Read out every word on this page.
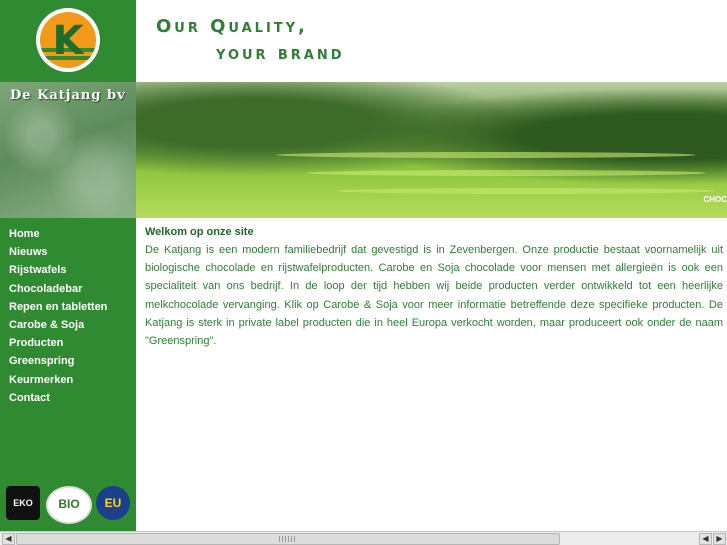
K
De Katjang bv
Home
Nieuws
Rijstwafels
Chocoladebar
Repen en tabletten
Carobe & Soja
Producten
Greenspring
Keurmerken
Contact
EKO	BIO	EU
Our Quality,
your brand
CHOC
Welkom op onze site
De Katjang is een modern familiebedrijf dat gevestigd is in Zevenbergen. Onze productie bestaat voornamelijk uit biologische chocolade en rijstwafelproducten. Carobe en Soja chocolade voor mensen met allergieën is ook een specialiteit van ons bedrijf. In de loop der tijd hebben wij beide producten verder ontwikkeld tot een heerlijke melkchocolade vervanging. Klik op Carobe & Soja voor meer informatie betreffende deze specifieke producten. De Katjang is sterk in private label producten die in heel Europa verkocht worden, maar produceert ook onder de naam "Greenspring".
◀	◀ ▶
